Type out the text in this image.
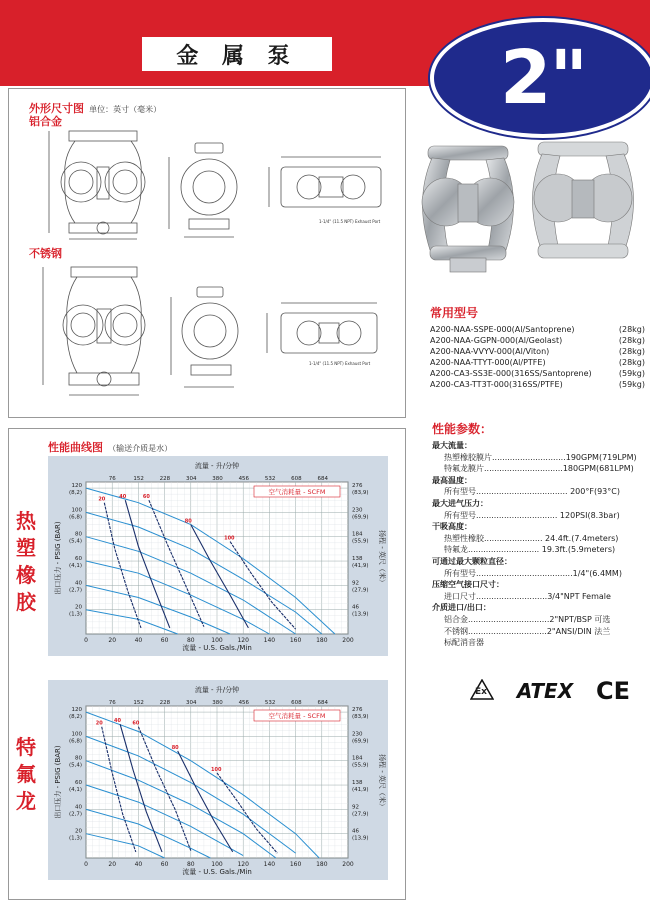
金 属 泵	2"
外形尺寸图 单位：英寸（毫米）
铝合金
不锈钢
1-1/4" (11.5 NPT) Exhaust Port
1-1/4" (11.5 NPT) Exhaust Port
常用型号
A200-NAA-SSPE-000(Al/Santoprene)	(28kg)
A200-NAA-GGPN-000(Al/Geolast)	(28kg)
A200-NAA-VVYV-000(Al/Viton)	(28kg)
A200-NAA-TTYT-000(Al/PTFE)	(28kg)
A200-CA3-SS3E-000(316SS/Santoprene)	(59kg)
A200-CA3-TT3T-000(316SS/PTFE)	(59kg)
性能参数：
最大流量：
热塑橡胶膜片.............................190GPM(719LPM)
特氟龙膜片...............................180GPM(681LPM)
最高温度：
所有型号.................................... 200°F(93°C)
最大进气压力：
所有型号................................ 120PSI(8.3bar)
干吸高度：
热塑性橡胶....................... 24.4ft.(7.4meters)
特氟龙............................ 19.3ft.(5.9meters)
可通过最大颗粒直径：
所有型号......................................1/4"(6.4MM)
压缩空气接口尺寸：
进口尺寸............................3/4"NPT Female
介质进口/出口：
铝合金................................2"NPT/BSP 可选
不锈钢...............................2"ANSI/DIN 法兰
标配消音器
Ex ATEX CE
性能曲线图 （输送介质是水）
热塑橡胶
特氟龙
20	40	60
80
100
0	20	40	60	80	100 120 140 160 180 200
76	152	228	304	380	456	532	608	684
120
(8,2)
100
(6,8)
80
(5,4)
60
(4,1)
40
(2,7)
20
(1,3)
276
(83,9)
230
(69,9)
184
(55,9)
138
(41,9)
92
(27,9)
46
(13,9)
流量 - 升/分钟
流量 - U.S. Gals./Min
出口压力 - PSIG (BAR)	扬程 - 英尺（米）
空气消耗量 - SCFM
20 40 60
80
100
0	20	40	60	80	100 120 140 160 180 200
76	152	228	304	380	456	532	608	684
120
(8,2)
100
(6,8)
80
(5,4)
60
(4,1)
40
(2,7)
20
(1,3)
276
(83,9)
230
(69,9)
184
(55,9)
138
(41,9)
92
(27,9)
46
(13,9)
流量 - 升/分钟
流量 - U.S. Gals./Min
出口压力 - PSIG (BAR)	扬程 - 英尺（米）
空气消耗量 - SCFM
